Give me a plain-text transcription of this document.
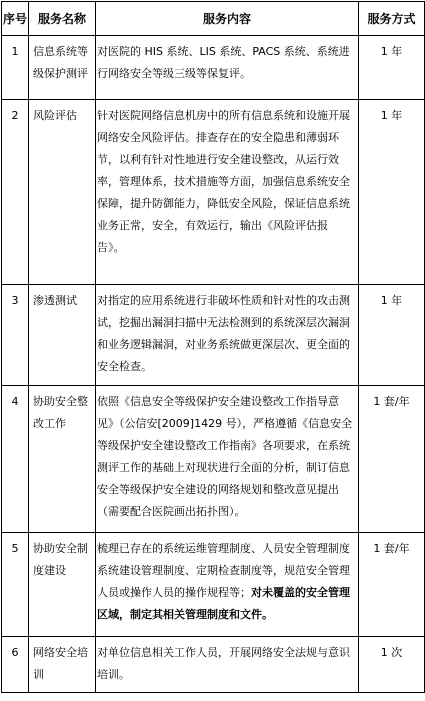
序号	服务名称	服务内容	服务方式
1	信息系统等级保护测评	对医院的 HIS 系统、LIS 系统、PACS 系统、系统进行网络安全等级三级等保复评。	1 年
2	风险评估	针对医院网络信息机房中的所有信息系统和设施开展网络安全风险评估。排查存在的安全隐患和薄弱环节，以利有针对性地进行安全建设整改，从运行效率，管理体系，技术措施等方面，加强信息系统安全保障，提升防御能力，降低安全风险，保证信息系统业务正常，安全，有效运行，输出《风险评估报告》。	1 年
3	渗透测试	对指定的应用系统进行非破坏性质和针对性的攻击测试，挖掘出漏洞扫描中无法检测到的系统深层次漏洞和业务逻辑漏洞，对业务系统做更深层次、更全面的安全检查。	1 年
4	协助安全整改工作	依照《信息安全等级保护安全建设整改工作指导意见》（公信安[2009]1429 号），严格遵循《信息安全等级保护安全建设整改工作指南》各项要求，在系统测评工作的基础上对现状进行全面的分析，制订信息安全等级保护安全建设的网络规划和整改意见提出（需要配合医院画出拓扑图）。	1 套/年
5	协助安全制度建设	梳理已存在的系统运维管理制度、人员安全管理制度系统建设管理制度、定期检查制度等，规范安全管理人员或操作人员的操作规程等；对未覆盖的安全管理区域，制定其相关管理制度和文件。	1 套/年
6	网络安全培训	对单位信息相关工作人员，开展网络安全法规与意识培训。	1 次
